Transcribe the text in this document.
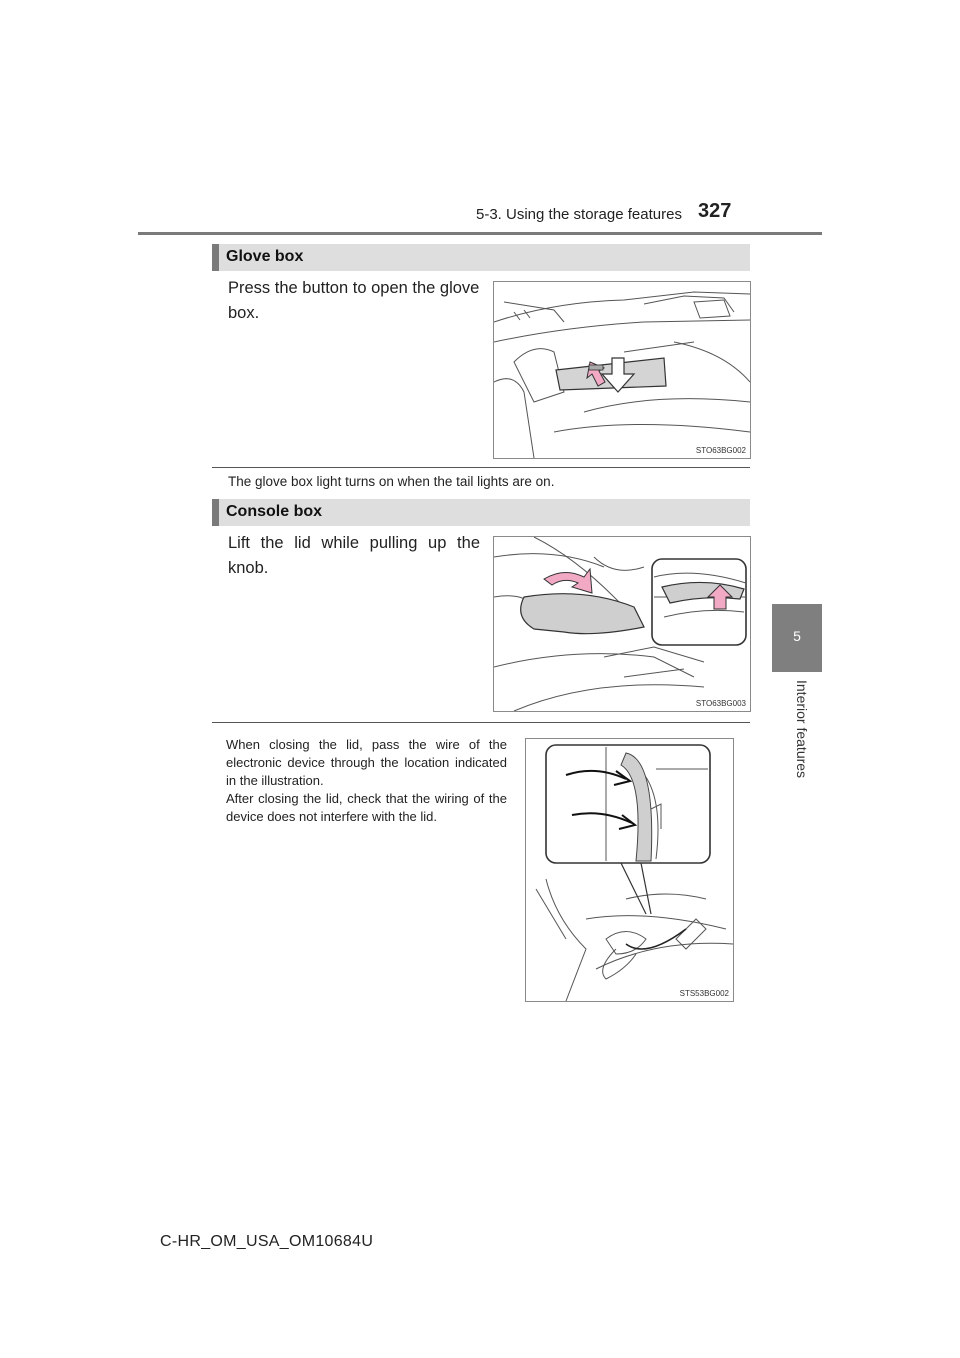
5-3. Using the storage features 327
5
Interior features
Glove box
Press the button to open the glove box.
STO63BG002
The glove box light turns on when the tail lights are on.
Console box
Lift the lid while pulling up the knob.
STO63BG003
When closing the lid, pass the wire of the electronic device through the location indicated in the illustration.
After closing the lid, check that the wiring of the device does not interfere with the lid.
STS53BG002
C-HR_OM_USA_OM10684U
